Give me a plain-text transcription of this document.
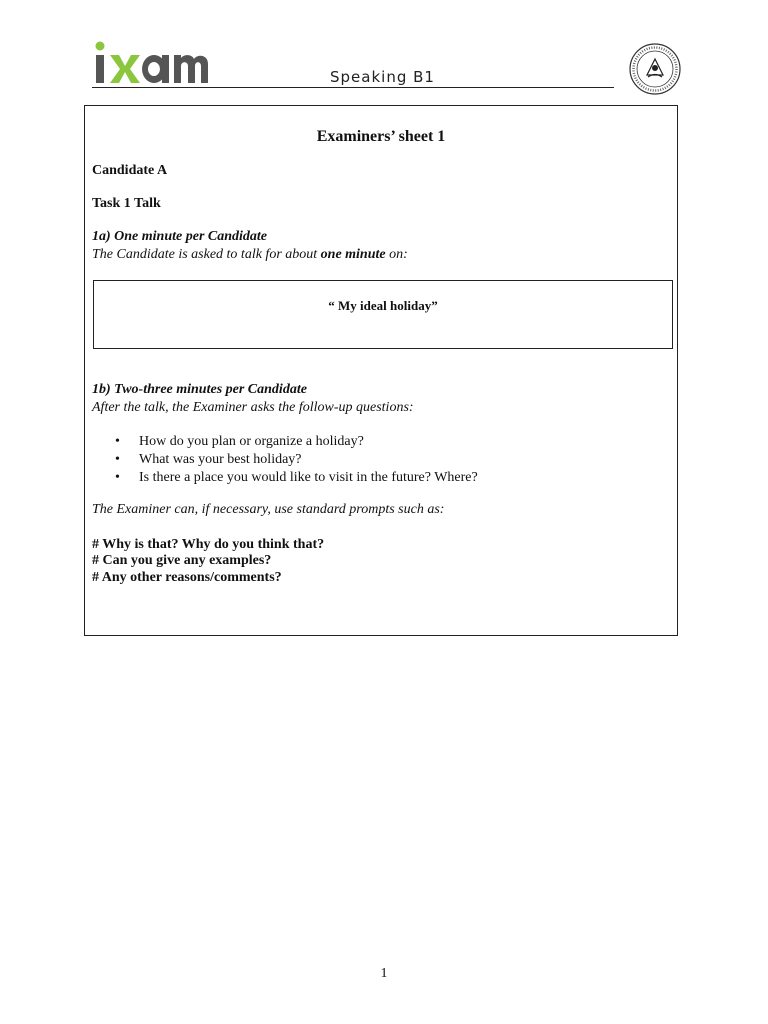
Speaking B1
Examiners’ sheet 1
Candidate A
Task 1 Talk
1a) One minute per Candidate
The Candidate is asked to talk for about one minute on:
“ My ideal holiday”
1b) Two-three minutes per Candidate
After the talk, the Examiner asks the follow-up questions:
• How do you plan or organize a holiday?
• What was your best holiday?
• Is there a place you would like to visit in the future? Where?
The Examiner can, if necessary, use standard prompts such as:
# Why is that? Why do you think that?
# Can you give any examples?
# Any other reasons/comments?
1
